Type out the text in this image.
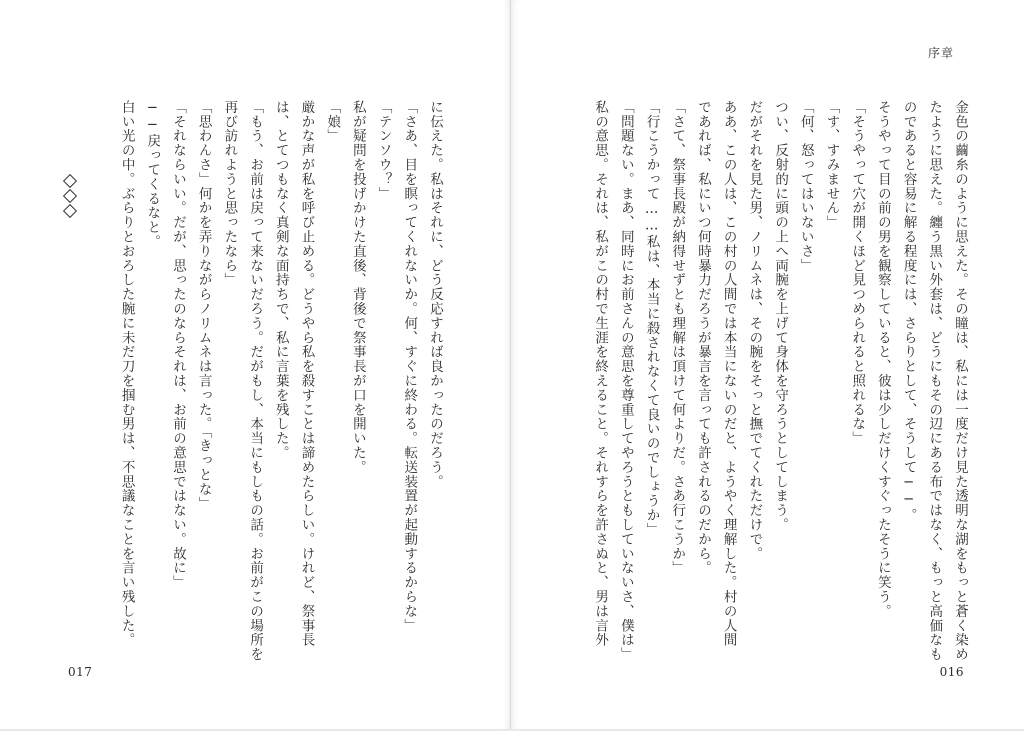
に伝えた。私はそれに、どう反応すれば良かったのだろう。

「さあ、目を瞑ってくれないか。何、すぐに終わる。転送装置が起動するからな」

「テンソウ？」

私が疑問を投げかけた直後、背後で祭事長が口を開いた。

「娘」

厳かな声が私を呼び止める。どうやら私を殺すことは諦めたらしい。けれど、祭事長

は、とてつもなく真剣な面持ちで、私に言葉を残した。

「もう、お前は戻って来ないだろう。だがもし、本当にもしもの話。お前がこの場所を

再び訪れようと思ったなら」

「思わんさ」何かを弄りながらノリムネは言った。「きっとな」

「それならいい。だが、思ったのならそれは、お前の意思ではない。故に」

──戻ってくるなと。

白い光の中。ぶらりとおろした腕に未だ刀を掴む男は、不思議なことを言い残した。

017
序章

金色の繭糸のように思えた。その瞳は、私には一度だけ見た透明な湖をもっと蒼く染め

たように思えた。纏う黒い外套は、どうにもその辺にある布ではなく、もっと高価なも

のであると容易に解る程度には、さらりとして、そうして──。

そうやって目の前の男を観察していると、彼は少しだけくすぐったそうに笑う。

「そうやって穴が開くほど見つめられると照れるな」

「す、すみません」

「何、怒ってはいないさ」

つい、反射的に頭の上へ両腕を上げて身体を守ろうとしてしまう。

だがそれを見た男、ノリムネは、その腕をそっと撫でてくれただけで。

ああ、この人は、この村の人間では本当にないのだと、ようやく理解した。村の人間

であれば、私にいつ何時暴力だろうが暴言を言っても許されるのだから。

「さて、祭事長殿が納得せずとも理解は頂けて何よりだ。さあ行こうか」

「行こうかって……私は、本当に殺されなくて良いのでしょうか」

「問題ない。まあ、同時にお前さんの意思を尊重してやろうともしていないさ、僕は」

私の意思。それは、私がこの村で生涯を終えること。それすらを許さぬと、男は言外

016
